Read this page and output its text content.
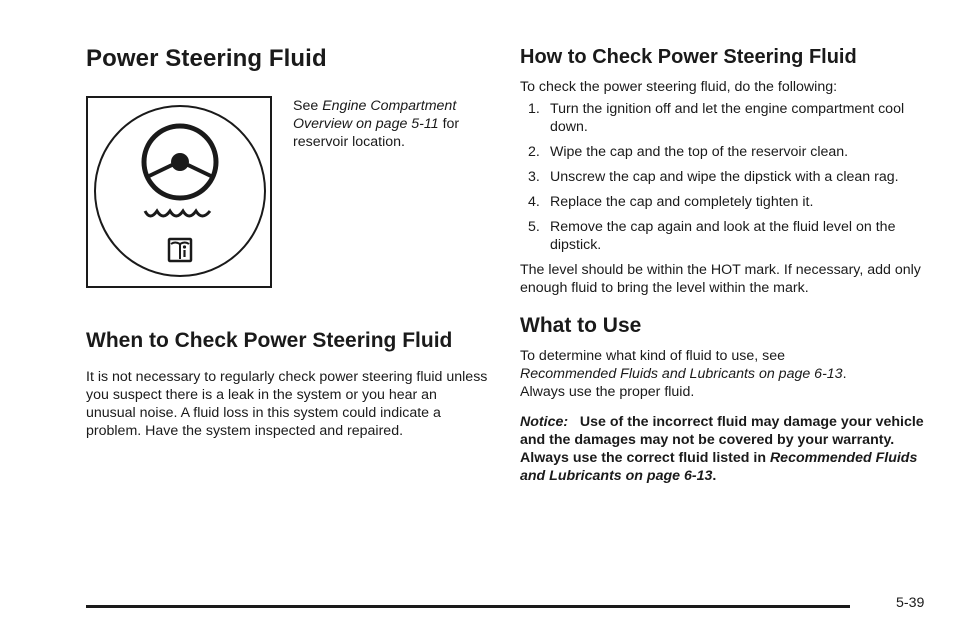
Power Steering Fluid
See Engine Compartment Overview on page 5-11 for reservoir location.
When to Check Power Steering Fluid

It is not necessary to regularly check power steering fluid unless you suspect there is a leak in the system or you hear an unusual noise. A fluid loss in this system could indicate a problem. Have the system inspected and repaired.

How to Check Power Steering Fluid

To check the power steering fluid, do the following:

1. Turn the ignition off and let the engine compartment cool down.
2. Wipe the cap and the top of the reservoir clean.
3. Unscrew the cap and wipe the dipstick with a clean rag.
4. Replace the cap and completely tighten it.
5. Remove the cap again and look at the fluid level on the dipstick.

The level should be within the HOT mark. If necessary, add only enough fluid to bring the level within the mark.

What to Use

To determine what kind of fluid to use, see
Recommended Fluids and Lubricants on page 6-13.
Always use the proper fluid.

Notice: Use of the incorrect fluid may damage your vehicle and the damages may not be covered by your warranty. Always use the correct fluid listed in Recommended Fluids and Lubricants on page 6-13.

5-39
